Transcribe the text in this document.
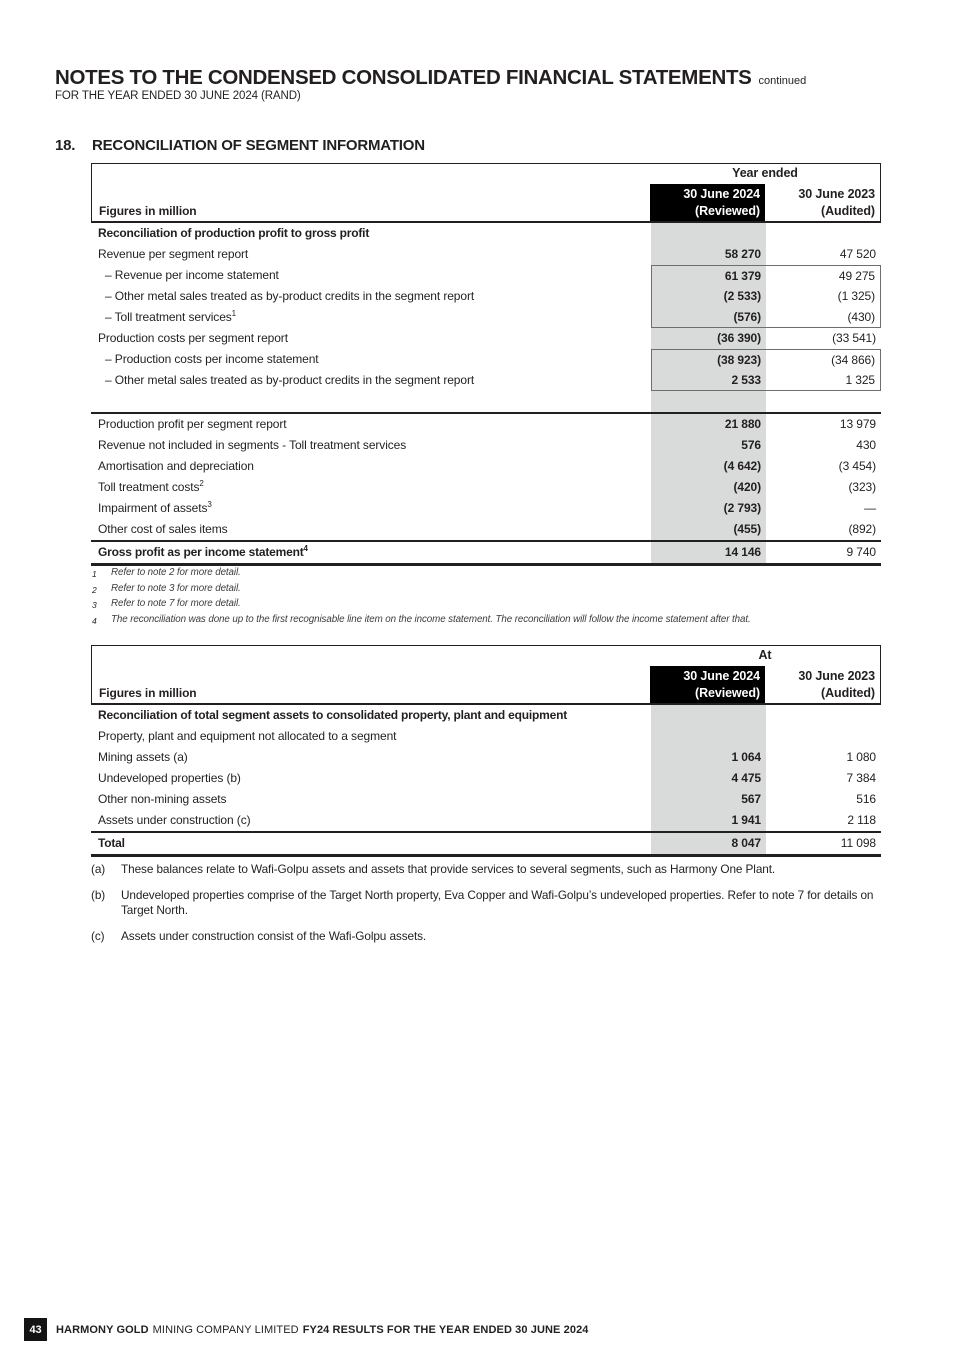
NOTES TO THE CONDENSED CONSOLIDATED FINANCIAL STATEMENTS continued
FOR THE YEAR ENDED 30 JUNE 2024 (RAND)
18. RECONCILIATION OF SEGMENT INFORMATION
Year ended
30 June 2024
(Reviewed)
30 June 2023
(Audited)
Figures in million
Reconciliation of production profit to gross profit
Revenue per segment report	58 270	47 520
– Revenue per income statement	61 379	49 275
– Other metal sales treated as by-product credits in the segment report	(2 533)	(1 325)
– Toll treatment services$^1$	(576)	(430)
Production costs per segment report	(36 390)	(33 541)
– Production costs per income statement	(38 923)	(34 866)
– Other metal sales treated as by-product credits in the segment report	2 533	1 325
Production profit per segment report	21 880	13 979
Revenue not included in segments - Toll treatment services	576	430
Amortisation and depreciation	(4 642)	(3 454)
Toll treatment costs$^2$	(420)	(323)
Impairment of assets$^3$	(2 793)	—
Other cost of sales items	(455)	(892)
Gross profit as per income statement$^4$	14 146	9 740
1	Refer to note 2 for more detail.
2	Refer to note 3 for more detail.
3	Refer to note 7 for more detail.
4	The reconciliation was done up to the first recognisable line item on the income statement. The reconciliation will follow the income statement after that.
At
30 June 2024
(Reviewed)
30 June 2023
(Audited)
Figures in million
Reconciliation of total segment assets to consolidated property, plant and equipment
Property, plant and equipment not allocated to a segment
Mining assets (a)	1 064	1 080
Undeveloped properties (b)	4 475	7 384
Other non-mining assets	567	516
Assets under construction (c)	1 941	2 118
Total	8 047	11 098
(a)	These balances relate to Wafi-Golpu assets and assets that provide services to several segments, such as Harmony One Plant.
(b)	Undeveloped properties comprise of the Target North property, Eva Copper and Wafi-Golpu’s undeveloped properties. Refer to note 7 for details on Target North.
(c)	Assets under construction consist of the Wafi-Golpu assets.
43	HARMONY GOLD MINING COMPANY LIMITED FY24 RESULTS FOR THE YEAR ENDED 30 JUNE 2024
